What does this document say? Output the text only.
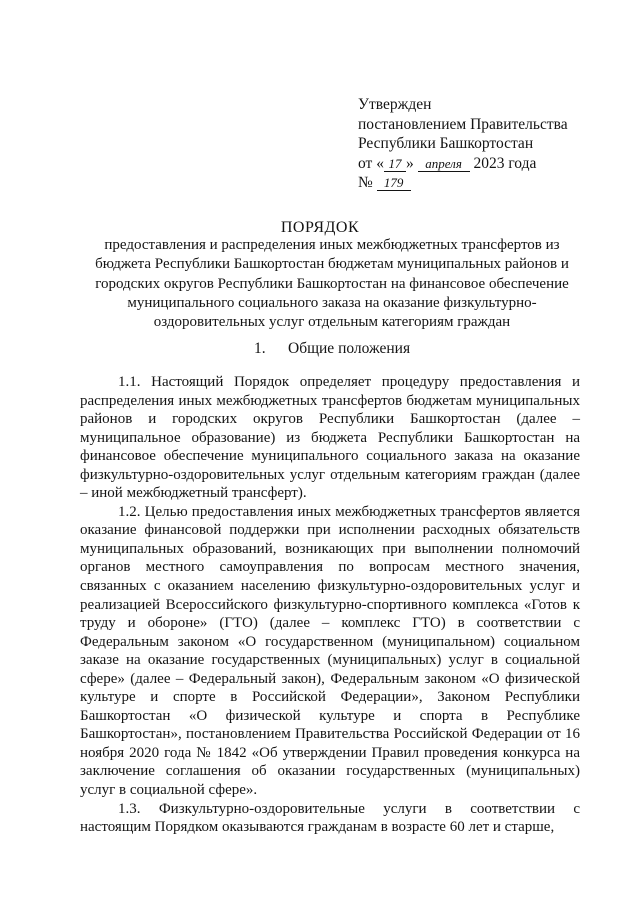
Утвержден
постановлением Правительства
Республики Башкортостан
от « 17 » апреля 2023 года
№ 179
ПОРЯДОК
предоставления и распределения иных межбюджетных трансфертов из бюджета Республики Башкортостан бюджетам муниципальных районов и городских округов Республики Башкортостан на финансовое обеспечение муниципального социального заказа на оказание физкультурно-оздоровительных услуг отдельным категориям граждан
1. Общие положения

1.1. Настоящий Порядок определяет процедуру предоставления и распределения иных межбюджетных трансфертов бюджетам муниципальных районов и городских округов Республики Башкортостан (далее – муниципальное образование) из бюджета Республики Башкортостан на финансовое обеспечение муниципального социального заказа на оказание физкультурно-оздоровительных услуг отдельным категориям граждан (далее – иной межбюджетный трансферт).

1.2. Целью предоставления иных межбюджетных трансфертов является оказание финансовой поддержки при исполнении расходных обязательств муниципальных образований, возникающих при выполнении полномочий органов местного самоуправления по вопросам местного значения, связанных с оказанием населению физкультурно-оздоровительных услуг и реализацией Всероссийского физкультурно-спортивного комплекса «Готов к труду и обороне» (ГТО) (далее – комплекс ГТО) в соответствии с Федеральным законом «О государственном (муниципальном) социальном заказе на оказание государственных (муниципальных) услуг в социальной сфере» (далее – Федеральный закон), Федеральным законом «О физической культуре и спорте в Российской Федерации», Законом Республики Башкортостан «О физической культуре и спорта в Республике Башкортостан», постановлением Правительства Российской Федерации от 16 ноября 2020 года № 1842 «Об утверждении Правил проведения конкурса на заключение соглашения об оказании государственных (муниципальных) услуг в социальной сфере».

1.3. Физкультурно-оздоровительные услуги в соответствии с настоящим Порядком оказываются гражданам в возрасте 60 лет и старше,
